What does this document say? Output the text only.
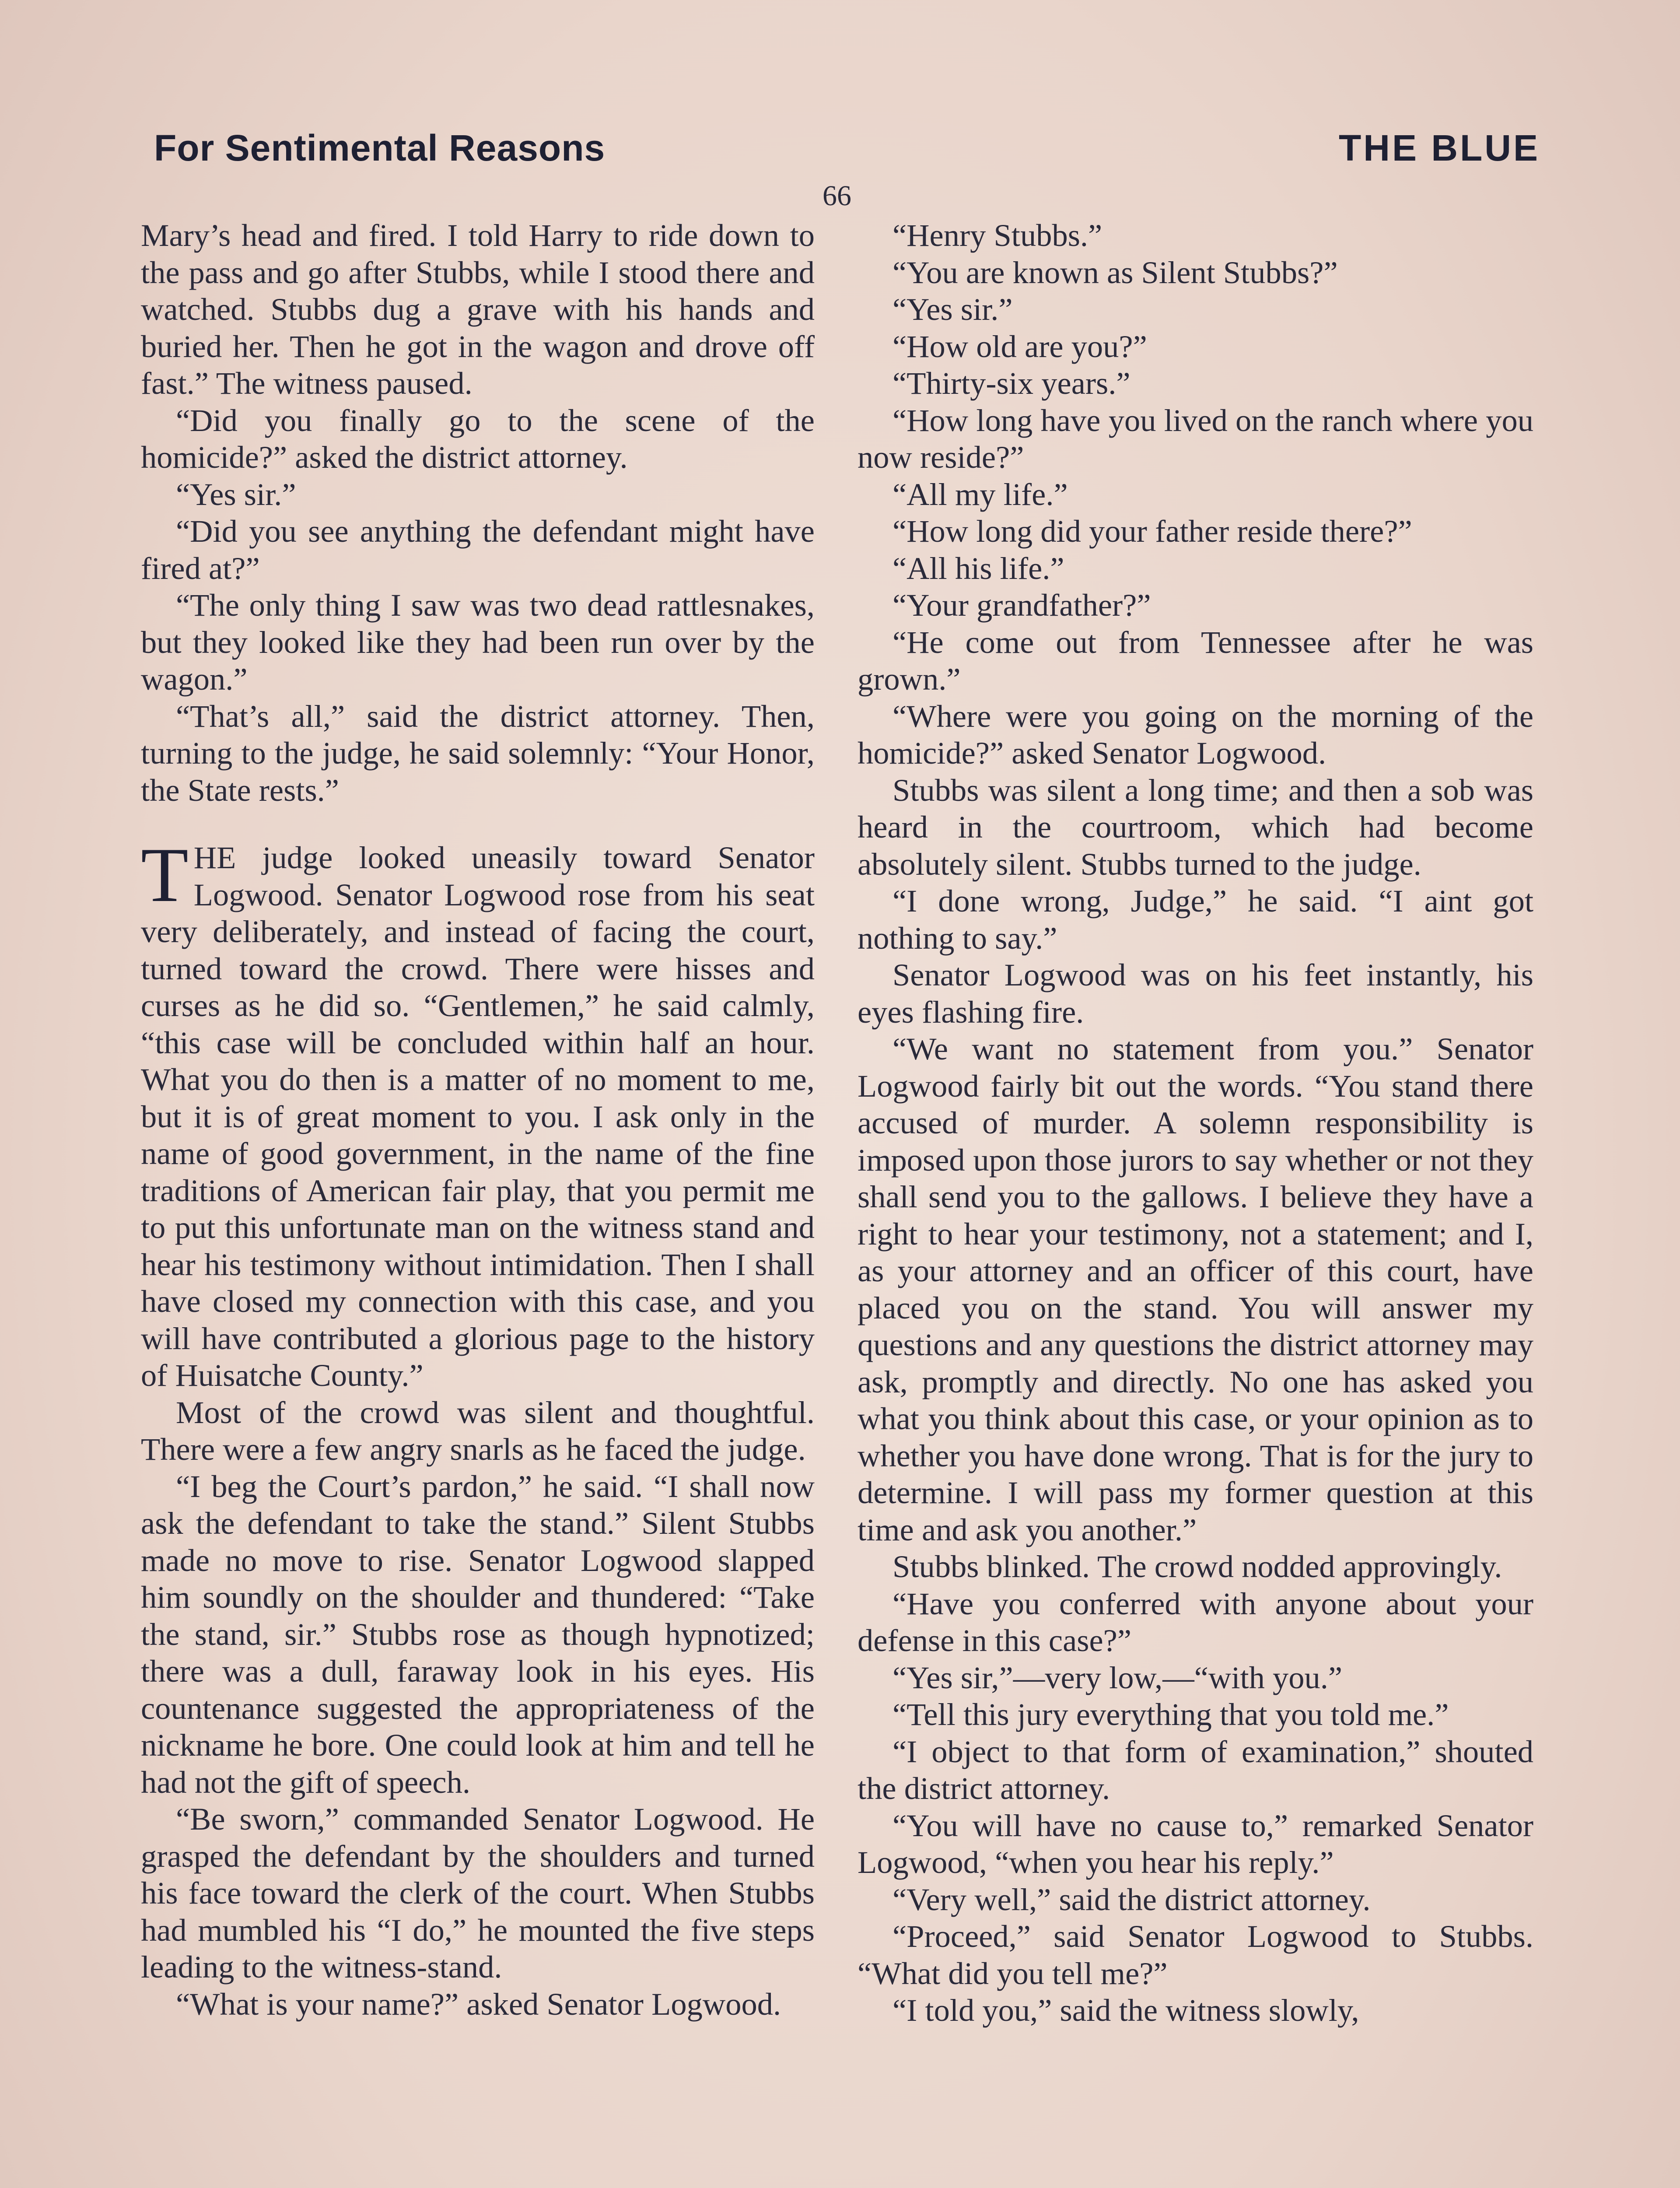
For Sentimental Reasons	THE BLUE
66

Mary’s head and fired. I told Harry to ride down to the pass and go after Stubbs, while I stood there and watched. Stubbs dug a grave with his hands and buried her. Then he got in the wagon and drove off fast.” The witness paused.

“Did you finally go to the scene of the homicide?” asked the district attorney.

“Yes sir.”

“Did you see anything the defendant might have fired at?”

“The only thing I saw was two dead rattlesnakes, but they looked like they had been run over by the wagon.”

“That’s all,” said the district attorney. Then, turning to the judge, he said solemnly: “Your Honor, the State rests.”

THE judge looked uneasily toward Senator Logwood. Senator Logwood rose from his seat very deliberately, and instead of facing the court, turned toward the crowd. There were hisses and curses as he did so. “Gentlemen,” he said calmly, “this case will be concluded within half an hour. What you do then is a matter of no moment to me, but it is of great moment to you. I ask only in the name of good government, in the name of the fine traditions of American fair play, that you permit me to put this unfortunate man on the witness stand and hear his testimony without intimidation. Then I shall have closed my connection with this case, and you will have contributed a glorious page to the history of Huisatche County.”

Most of the crowd was silent and thoughtful. There were a few angry snarls as he faced the judge.

“I beg the Court’s pardon,” he said. “I shall now ask the defendant to take the stand.” Silent Stubbs made no move to rise. Senator Logwood slapped him soundly on the shoulder and thundered: “Take the stand, sir.” Stubbs rose as though hypnotized; there was a dull, faraway look in his eyes. His countenance suggested the appropriateness of the nickname he bore. One could look at him and tell he had not the gift of speech.

“Be sworn,” commanded Senator Logwood. He grasped the defendant by the shoulders and turned his face toward the clerk of the court. When Stubbs had mumbled his “I do,” he mounted the five steps leading to the witness-stand.

“What is your name?” asked Senator Logwood.

“Henry Stubbs.”

“You are known as Silent Stubbs?”

“Yes sir.”

“How old are you?”

“Thirty-six years.”

“How long have you lived on the ranch where you now reside?”

“All my life.”

“How long did your father reside there?”

“All his life.”

“Your grandfather?”

“He come out from Tennessee after he was grown.”

“Where were you going on the morning of the homicide?” asked Senator Logwood.

Stubbs was silent a long time; and then a sob was heard in the courtroom, which had become absolutely silent. Stubbs turned to the judge.

“I done wrong, Judge,” he said. “I aint got nothing to say.”

Senator Logwood was on his feet instantly, his eyes flashing fire.

“We want no statement from you.” Senator Logwood fairly bit out the words. “You stand there accused of murder. A solemn responsibility is imposed upon those jurors to say whether or not they shall send you to the gallows. I believe they have a right to hear your testimony, not a statement; and I, as your attorney and an officer of this court, have placed you on the stand. You will answer my questions and any questions the district attorney may ask, promptly and directly. No one has asked you what you think about this case, or your opinion as to whether you have done wrong. That is for the jury to determine. I will pass my former question at this time and ask you another.”

Stubbs blinked. The crowd nodded approvingly.

“Have you conferred with anyone about your defense in this case?”

“Yes sir,”—very low,—“with you.”

“Tell this jury everything that you told me.”

“I object to that form of examination,” shouted the district attorney.

“You will have no cause to,” remarked Senator Logwood, “when you hear his reply.”

“Very well,” said the district attorney.

“Proceed,” said Senator Logwood to Stubbs. “What did you tell me?”

“I told you,” said the witness slowly,
